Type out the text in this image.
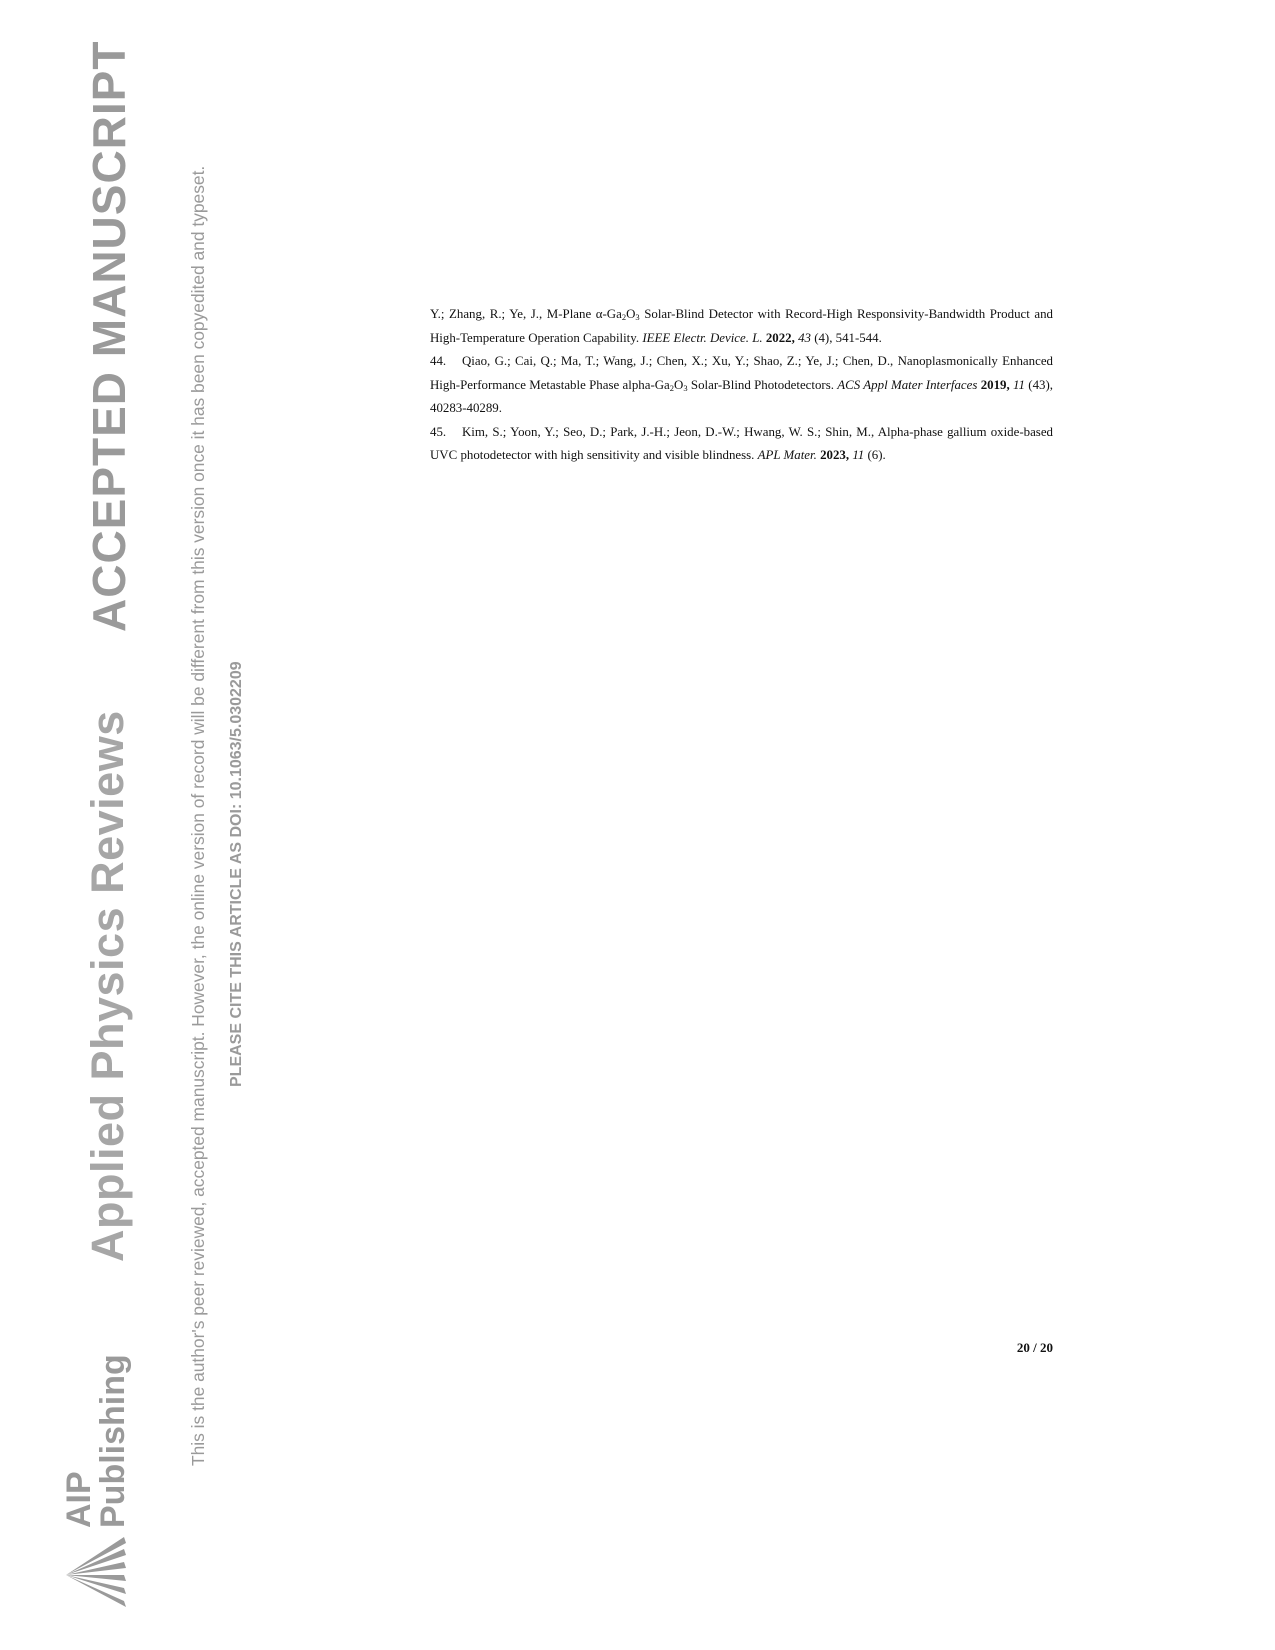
ACCEPTED MANUSCRIPT
Applied Physics Reviews	This is the author's peer reviewed, accepted manuscript. However, the online version of record will be different from this version once it has been copyedited and typeset. PLEASE CITE THIS ARTICLE AS DOI: 10.1063/5.0302209
AIP
Publishing

Y.; Zhang, R.; Ye, J., M-Plane $\alpha-Ga_2O_3$ Solar-Blind Detector with Record-High Responsivity-Bandwidth Product and High-Temperature Operation Capability. IEEE Electr. Device. L. 2022, 43 (4), 541-544.

44. Qiao, G.; Cai, Q.; Ma, T.; Wang, J.; Chen, X.; Xu, Y.; Shao, Z.; Ye, J.; Chen, D., Nanoplasmonically Enhanced High-Performance Metastable Phase alpha-$Ga_2O_3$ Solar-Blind Photodetectors. ACS Appl Mater Interfaces 2019, 11 (43), 40283-40289.

45. Kim, S.; Yoon, Y.; Seo, D.; Park, J.-H.; Jeon, D.-W.; Hwang, W. S.; Shin, M., Alpha-phase gallium oxide-based UVC photodetector with high sensitivity and visible blindness. APL Mater. 2023, 11 (6).

20 / 20
